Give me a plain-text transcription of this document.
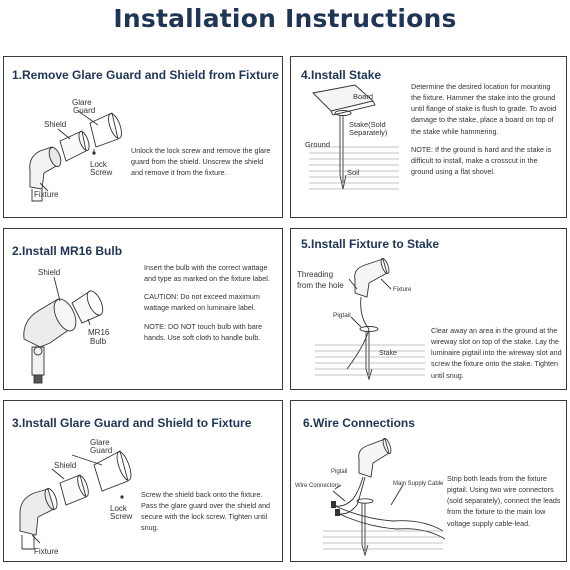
Installation Instructions
1.Remove Glare Guard and Shield from Fixture
Glare
Guard
Shield
Lock
Screw
Fixture

Unlock the lock screw and remove the glare guard from the shield. Unscrew the shield and remove it from the fixture.

2.Install MR16 Bulb
Shield
MR16
Bulb

Insert the bulb with the correct wattage and type as marked on the fixture label.

CAUTION: Do not exceed maximum wattage marked on luminaire label.

NOTE: DO NOT touch bulb with bare hands. Use soft cloth to handle bulb.

3.Install Glare Guard and Shield to Fixture
Glare
Guard
Shield
Lock
Screw
Fixture

Screw the shield back onto the fixture. Pass the glare guard over the shield and secure with the lock screw. Tighten until snug.

4.Install Stake
Board
Stake(Sold
Separately)
Ground
Soil

Determine the desired location for mounting the fixture. Hammer the stake into the ground until flange of stake is flush to grade. To avoid damage to the stake, place a board on top of the stake while hammering.

NOTE: If the ground is hard and the stake is difficult to install, make a crosscut in the ground using a flat shovel.

5.Install Fixture to Stake
Threading
from the hole	Fixture
Pigtail
Stake

Clear away an area in the ground at the wireway slot on top of the stake. Lay the luminaire pigtail into the wireway slot and screw the fixture onto the stake. Tighten until snug.

6.Wire Connections
Pigtail
Wire Connectors	Main Supply Cable

Strip both leads from the fixture pigtail. Using two wire connectors (sold separately), connect the leads from the fixture to the main low voltage supply cable-lead.
